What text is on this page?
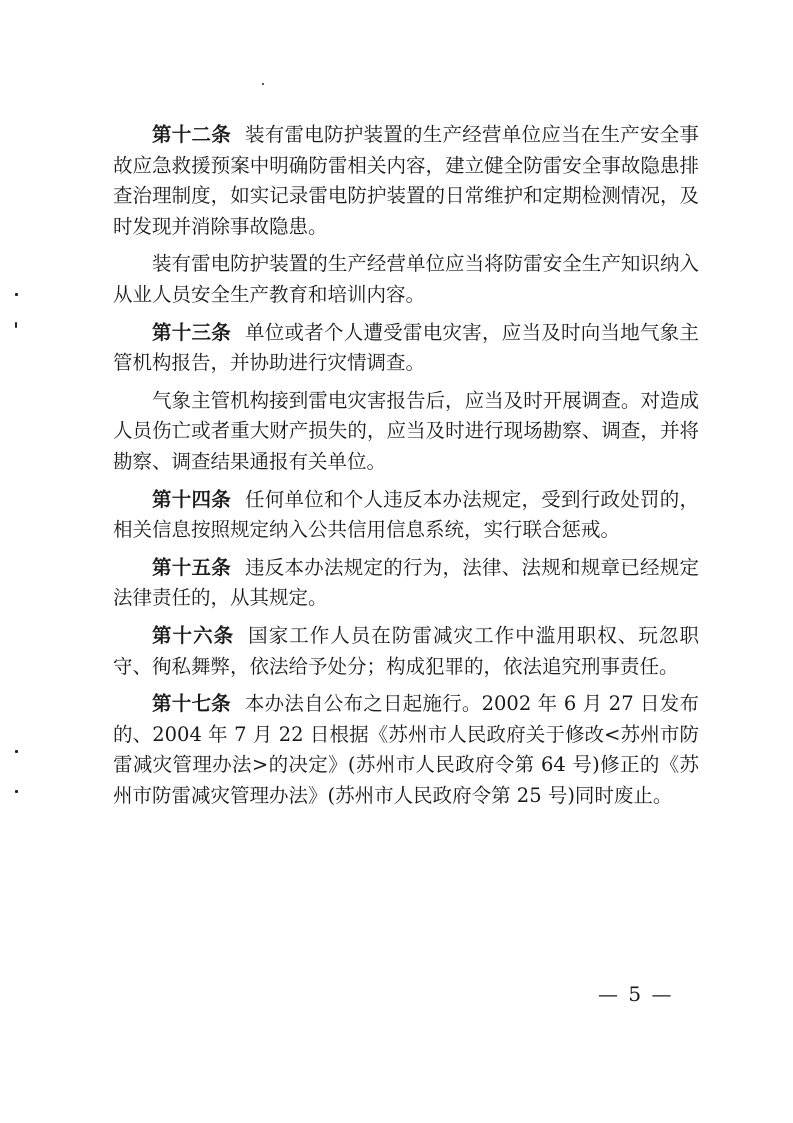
第十二条 装有雷电防护装置的生产经营单位应当在生产安全事故应急救援预案中明确防雷相关内容，建立健全防雷安全事故隐患排查治理制度，如实记录雷电防护装置的日常维护和定期检测情况，及时发现并消除事故隐患。

装有雷电防护装置的生产经营单位应当将防雷安全生产知识纳入从业人员安全生产教育和培训内容。

第十三条 单位或者个人遭受雷电灾害，应当及时向当地气象主管机构报告，并协助进行灾情调查。

气象主管机构接到雷电灾害报告后，应当及时开展调查。对造成人员伤亡或者重大财产损失的，应当及时进行现场勘察、调查，并将勘察、调查结果通报有关单位。

第十四条 任何单位和个人违反本办法规定，受到行政处罚的，相关信息按照规定纳入公共信用信息系统，实行联合惩戒。

第十五条 违反本办法规定的行为，法律、法规和规章已经规定法律责任的，从其规定。

第十六条 国家工作人员在防雷减灾工作中滥用职权、玩忽职守、徇私舞弊，依法给予处分；构成犯罪的，依法追究刑事责任。

第十七条 本办法自公布之日起施行。2002 年 6 月 27 日发布的、2004 年 7 月 22 日根据《苏州市人民政府关于修改<苏州市防雷减灾管理办法>的决定》(苏州市人民政府令第 64 号)修正的《苏州市防雷减灾管理办法》(苏州市人民政府令第 25 号)同时废止。

— 5 —
